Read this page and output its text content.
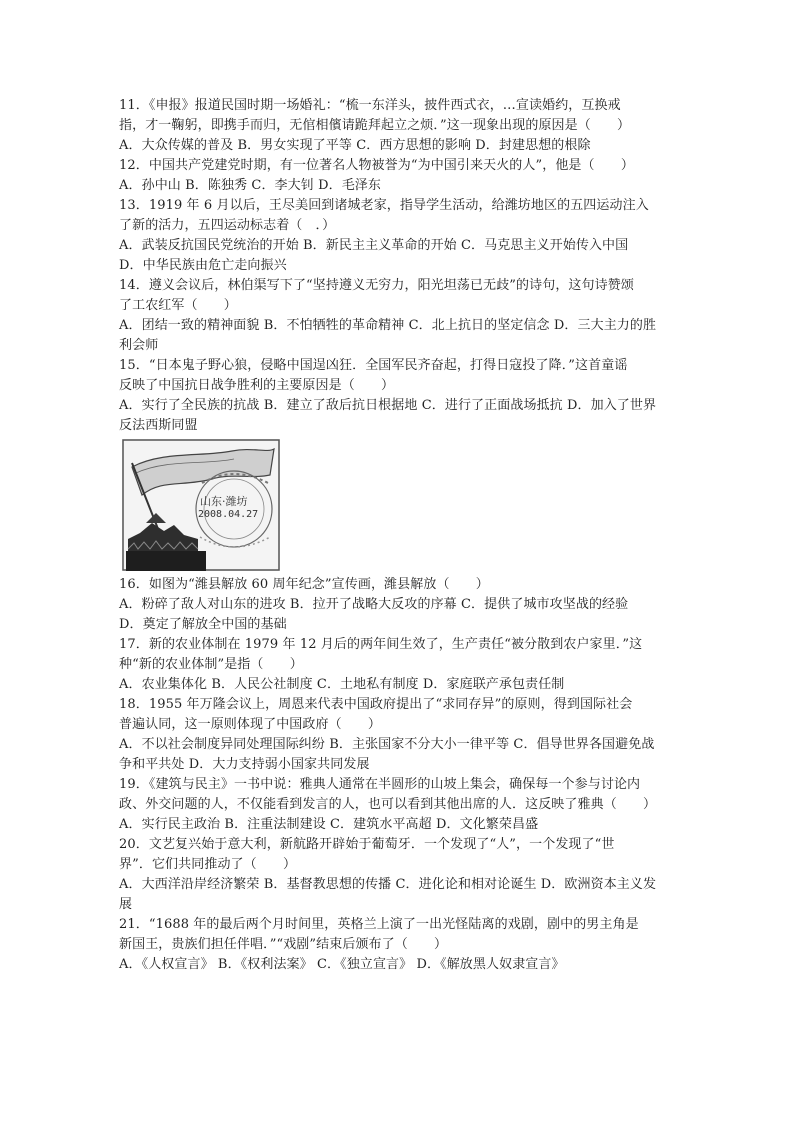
11．《申报》报道民国时期一场婚礼：“梳一东洋头，披件西式衣，…宣读婚约，互换戒
指，才一鞠躬，即携手而归，无倌相儐请跪拜起立之烦．”这一现象出现的原因是（　　）
A．大众传媒的普及 B．男女实现了平等 C．西方思想的影响 D．封建思想的根除
12．中国共产党建党时期，有一位著名人物被誉为“为中国引来天火的人”，他是（　　）
A．孙中山 B．陈独秀 C．李大钊 D．毛泽东
13．1919 年 6 月以后，王尽美回到诸城老家，指导学生活动，给潍坊地区的五四运动注入
了新的活力，五四运动标志着（　．）
A．武装反抗国民党统治的开始 B．新民主主义革命的开始 C．马克思主义开始传入中国
D．中华民族由危亡走向振兴
14．遵义会议后，林伯渠写下了“坚持遵义无穷力，阳光坦荡已无歧”的诗句，这句诗赞颂
了工农红军（　　）
A．团结一致的精神面貌 B．不怕牺牲的革命精神 C．北上抗日的坚定信念 D．三大主力的胜
利会师
15．“日本鬼子野心狼，侵略中国逞凶狂．全国军民齐奋起，打得日寇投了降．”这首童谣
反映了中国抗日战争胜利的主要原因是（　　）
A．实行了全民族的抗战 B．建立了敌后抗日根据地 C．进行了正面战场抵抗 D．加入了世界
反法西斯同盟
山东·潍坊
2008.04.27
16．如图为“潍县解放 60 周年纪念”宣传画，潍县解放（　　）
A．粉碎了敌人对山东的进攻 B．拉开了战略大反攻的序幕 C．提供了城市攻坚战的经验
D．奠定了解放全中国的基础
17．新的农业体制在 1979 年 12 月后的两年间生效了，生产责任“被分散到农户家里．”这
种“新的农业体制”是指（　　）
A．农业集体化 B．人民公社制度 C．土地私有制度 D．家庭联产承包责任制
18．1955 年万隆会议上，周恩来代表中国政府提出了“求同存异”的原则，得到国际社会
普遍认同，这一原则体现了中国政府（　　）
A．不以社会制度异同处理国际纠纷 B．主张国家不分大小一律平等 C．倡导世界各国避免战
争和平共处 D．大力支持弱小国家共同发展
19．《建筑与民主》一书中说：雅典人通常在半圆形的山坡上集会，确保每一个参与讨论内
政、外交问题的人，不仅能看到发言的人，也可以看到其他出席的人．这反映了雅典（　　）
A．实行民主政治 B．注重法制建设 C．建筑水平高超 D．文化繁荣昌盛
20．文艺复兴始于意大利，新航路开辟始于葡萄牙．一个发现了“人”，一个发现了“世
界”．它们共同推动了（　　）
A．大西洋沿岸经济繁荣 B．基督教思想的传播 C．进化论和相对论诞生 D．欧洲资本主义发
展
21．“1688 年的最后两个月时间里，英格兰上演了一出光怪陆离的戏剧，剧中的男主角是
新国王，贵族们担任伴唱．”“戏剧”结束后颁布了（　　）
A．《人权宣言》 B．《权利法案》 C．《独立宣言》 D．《解放黑人奴隶宣言》
